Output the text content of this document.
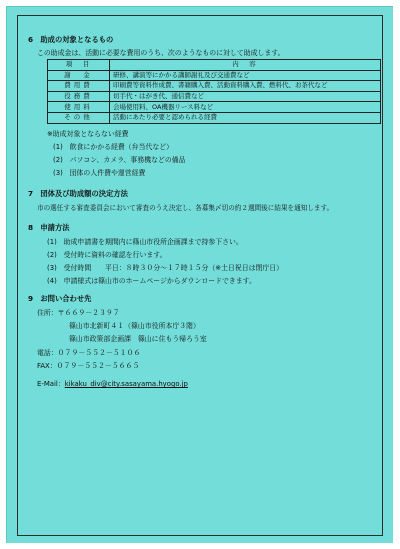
6　助成の対象となるもの
この助成金は、活動に必要な費用のうち、次のようなものに対して助成します。
項　目	内　容
謝　金	研修、講演等にかかる講師謝礼及び交通費など
費用費	印刷費等資料作成費、書籍購入費、活動資料購入費、燃料代、お茶代など
役務費	切手代・はがき代、通信費など
使用料	会場使用料、OA機器リース料など
その他	活動にあたり必要と認められる経費
※助成対象とならない経費
(1)　 飲食にかかる経費（弁当代など）
(2)　 パソコン、カメラ、事務機などの備品
(3)　 団体の人件費や運営経費
7　団体及び助成額の決定方法
市の選任する審査委員会において審査のうえ決定し、各募集〆切の約２週間後に結果を通知します。
8　申請方法
(1)　 助成申請書を期間内に篠山市役所企画課まで持参下さい。
(2)　 受付時に資料の確認を行います。
(3)　 受付時間　　平日：８時３０分～１７時１５分（※土日祝日は閉庁日）
(4)　 申請様式は篠山市のホームページからダウンロードできます。
9　お問い合わせ先
住所：〒６６９－２３９７
篠山市北新町４１（篠山市役所本庁３階）
篠山市政策部企画課　篠山に住もう帰ろう室
電話：０７９－５５２－５１０６
FAX：０７９－５５２－５６６５
E-Mail：kikaku_div@city.sasayama.hyogo.jp
